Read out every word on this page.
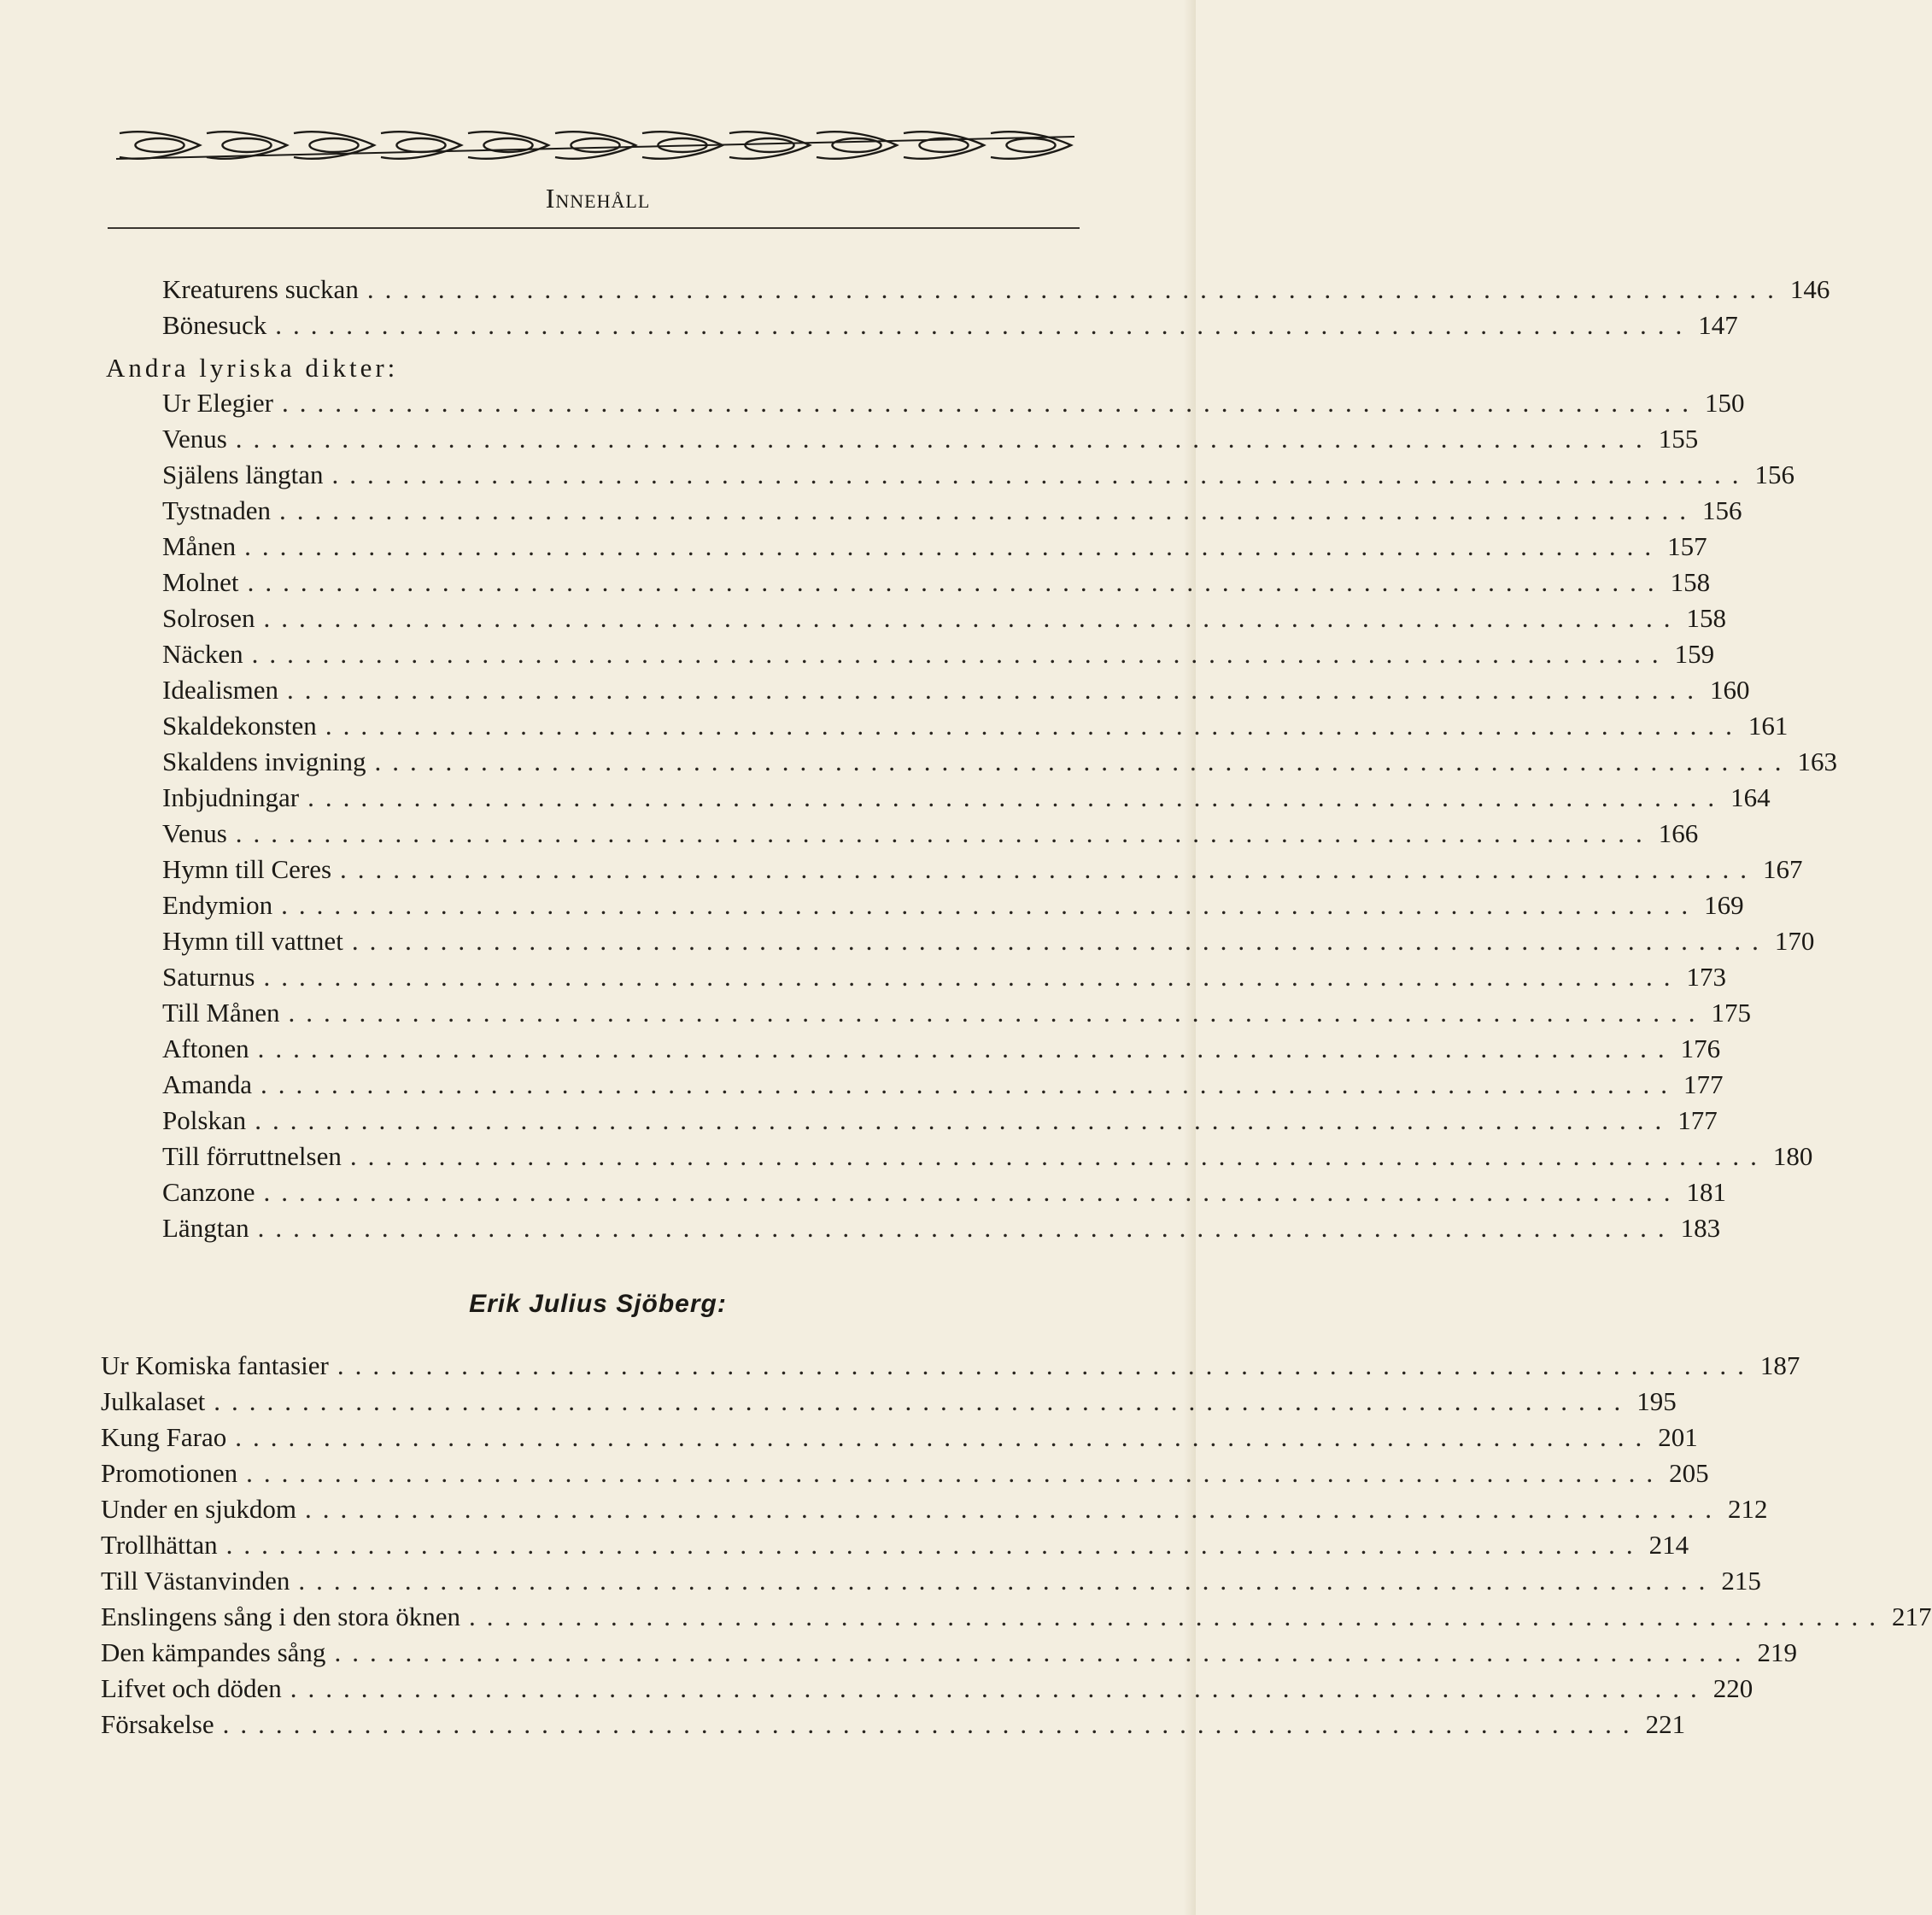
Innehåll
Kreaturens suckan ................................................................................ 146
Bönesuck ................................................................................ 147
Andra lyriska dikter:
Ur Elegier ................................................................................ 150
Venus ................................................................................ 155
Själens längtan ................................................................................ 156
Tystnaden ................................................................................ 156
Månen ................................................................................ 157
Molnet ................................................................................ 158
Solrosen ................................................................................ 158
Näcken ................................................................................ 159
Idealismen ................................................................................ 160
Skaldekonsten ................................................................................ 161
Skaldens invigning ................................................................................ 163
Inbjudningar ................................................................................ 164
Venus ................................................................................ 166
Hymn till Ceres ................................................................................ 167
Endymion ................................................................................ 169
Hymn till vattnet ................................................................................ 170
Saturnus ................................................................................ 173
Till Månen ................................................................................ 175
Aftonen ................................................................................ 176
Amanda ................................................................................ 177
Polskan ................................................................................ 177
Till förruttnelsen ................................................................................ 180
Canzone ................................................................................ 181
Längtan ................................................................................ 183
Erik Julius Sjöberg:
Ur Komiska fantasier ................................................................................ 187
Julkalaset ................................................................................ 195
Kung Farao ................................................................................ 201
Promotionen ................................................................................ 205
Under en sjukdom ................................................................................ 212
Trollhättan ................................................................................ 214
Till Västanvinden ................................................................................ 215
Enslingens sång i den stora öknen ................................................................................ 217
Den kämpandes sång ................................................................................ 219
Lifvet och döden ................................................................................ 220
Försakelse ................................................................................ 221
